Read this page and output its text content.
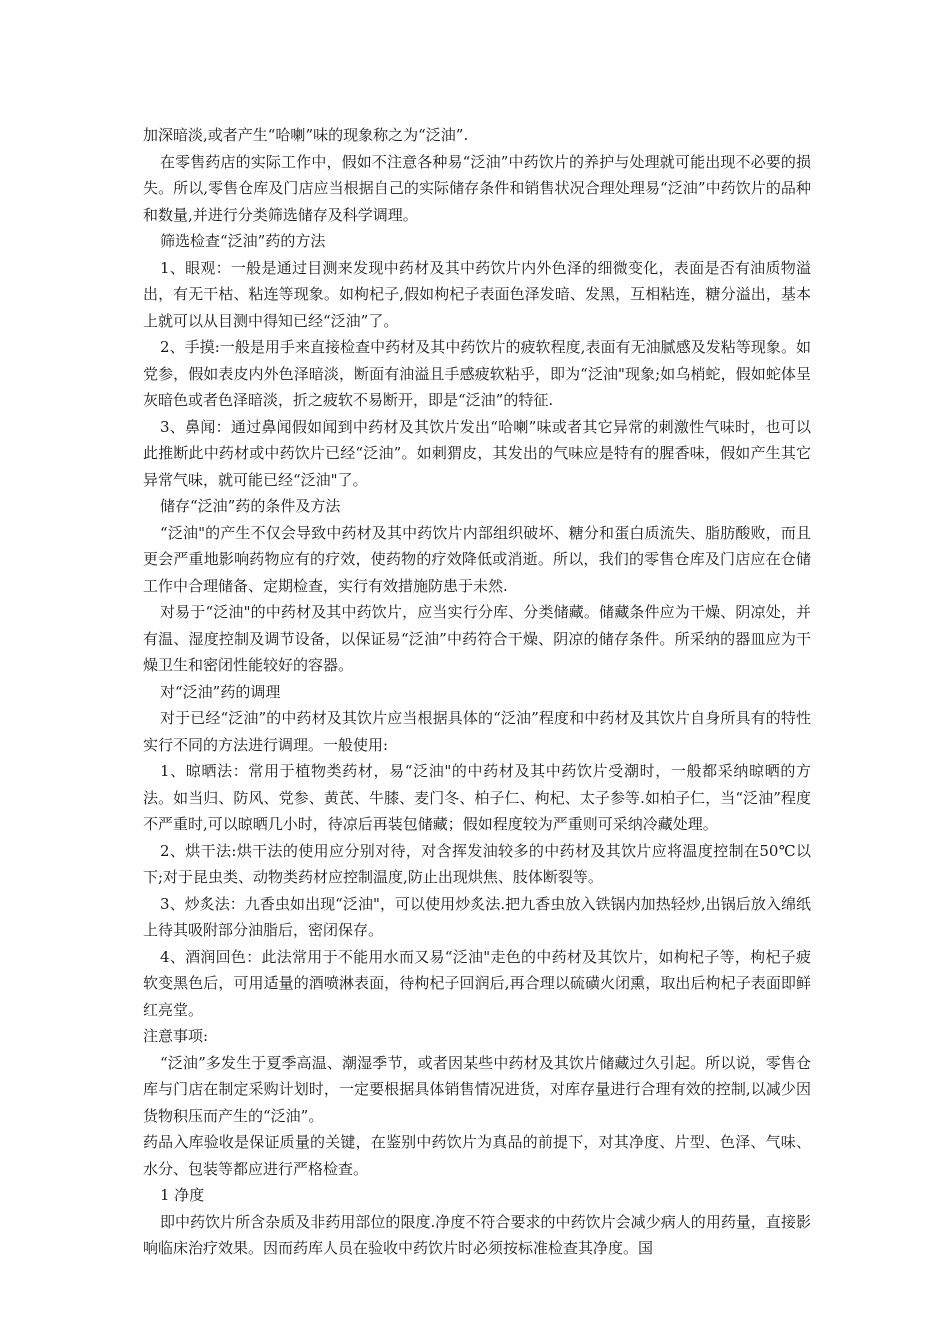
加深暗淡,或者产生“哈喇”味的现象称之为“泛油”.

在零售药店的实际工作中，假如不注意各种易“泛油”中药饮片的养护与处理就可能出现不必要的损失。所以,零售仓库及门店应当根据自己的实际储存条件和销售状况合理处理易“泛油”中药饮片的品种和数量,并进行分类筛选储存及科学调理。

筛选检查“泛油”药的方法

1、眼观：一般是通过目测来发现中药材及其中药饮片内外色泽的细微变化，表面是否有油质物溢出，有无干枯、粘连等现象。如枸杞子,假如枸杞子表面色泽发暗、发黑，互相粘连，糖分溢出，基本上就可以从目测中得知已经“泛油”了。

2、手摸:一般是用手来直接检查中药材及其中药饮片的疲软程度,表面有无油腻感及发粘等现象。如党参，假如表皮内外色泽暗淡，断面有油溢且手感疲软粘乎，即为“泛油"现象;如乌梢蛇，假如蛇体呈灰暗色或者色泽暗淡，折之疲软不易断开，即是“泛油”的特征.

3、鼻闻：通过鼻闻假如闻到中药材及其饮片发出“哈喇”味或者其它异常的刺激性气味时，也可以此推断此中药材或中药饮片已经“泛油”。如刺猬皮，其发出的气味应是特有的腥香味，假如产生其它异常气味，就可能已经“泛油"了。

储存“泛油”药的条件及方法

“泛油"的产生不仅会导致中药材及其中药饮片内部组织破坏、糖分和蛋白质流失、脂肪酸败，而且更会严重地影响药物应有的疗效，使药物的疗效降低或消逝。所以，我们的零售仓库及门店应在仓储工作中合理储备、定期检查，实行有效措施防患于未然.

对易于“泛油"的中药材及其中药饮片，应当实行分库、分类储藏。储藏条件应为干燥、阴凉处，并有温、湿度控制及调节设备，以保证易“泛油”中药符合干燥、阴凉的储存条件。所采纳的器皿应为干燥卫生和密闭性能较好的容器。

对“泛油”药的调理

对于已经“泛油”的中药材及其饮片应当根据具体的“泛油”程度和中药材及其饮片自身所具有的特性实行不同的方法进行调理。一般使用:

1、晾晒法：常用于植物类药材，易“泛油"的中药材及其中药饮片受潮时，一般都采纳晾晒的方法。如当归、防风、党参、黄芪、牛膝、麦门冬、柏子仁、枸杞、太子参等.如柏子仁，当“泛油”程度不严重时,可以晾晒几小时，待凉后再装包储藏；假如程度较为严重则可采纳冷藏处理。

2、烘干法:烘干法的使用应分别对待，对含挥发油较多的中药材及其饮片应将温度控制在50℃以下;对于昆虫类、动物类药材应控制温度,防止出现烘焦、肢体断裂等。

3、炒炙法：九香虫如出现“泛油"，可以使用炒炙法.把九香虫放入铁锅内加热轻炒,出锅后放入绵纸上待其吸附部分油脂后，密闭保存。

4、酒润回色：此法常用于不能用水而又易“泛油"走色的中药材及其饮片，如枸杞子等，枸杞子疲软变黑色后，可用适量的酒喷淋表面，待枸杞子回润后,再合理以硫磺火闭熏，取出后枸杞子表面即鲜红亮堂。

注意事项:

“泛油”多发生于夏季高温、潮湿季节，或者因某些中药材及其饮片储藏过久引起。所以说，零售仓库与门店在制定采购计划时，一定要根据具体销售情况进货，对库存量进行合理有效的控制,以减少因货物积压而产生的“泛油”。

药品入库验收是保证质量的关键，在鉴别中药饮片为真品的前提下，对其净度、片型、色泽、气味、水分、包装等都应进行严格检查。

1 净度

即中药饮片所含杂质及非药用部位的限度.净度不符合要求的中药饮片会减少病人的用药量，直接影响临床治疗效果。因而药库人员在验收中药饮片时必须按标准检查其净度。国
